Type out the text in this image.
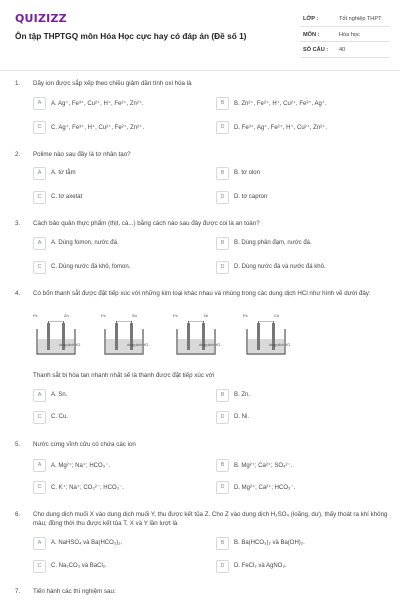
QUIZIZZ
Ôn tập THPTGQ môn Hóa Học cực hay có đáp án (Đề số 1)
LỚP :	Tốt nghiệp THPT
MÔN :	Hóa học
SỐ CÂU : 40
1. Dãy ion được sắp xếp theo chiều giảm dần tính oxi hóa là
A	A. Ag⁺, Fe³⁺, Cu²⁺, H⁺, Fe²⁺, Zn²⁺.	B	B. Zn²⁺, Fe²⁺, H⁺, Cu²⁺, Fe³⁺, Ag⁺.
C	C. Ag⁺, Fe³⁺, H⁺, Cu²⁺, Fe²⁺, Zn²⁺.	D	D. Fe³⁺, Ag⁺, Fe²⁺, H⁺, Cu²⁺, Zn²⁺.
2. Polime nào sau đây là tơ nhân tạo?
A	A. tơ tằm	B	B. tơ olon
C	C. tơ axetat	D	D. tơ capron
3. Cách bảo quản thực phẩm (thịt, cá...) bằng cách nào sau đây được coi là an toàn?
A	A. Dùng fomon, nước đá.	B	B. Dùng phân đạm, nước đá.
C	C. Dùng nước đá khô, fomon.	D	D. Dùng nước đá và nước đá khô.
4. Có bốn thanh sắt được đặt tiếp xúc với những kim loại khác nhau và nhúng trong các dung dịch HCl như hình vẽ dưới đây:
Fe	Zn
dung dịch HCl
Fe	Sn
dung dịch HCl
Fe	Ni
dung dịch HCl
Fe	Cu
dung dịch HCl
Thanh sắt bị hòa tan nhanh nhất sẽ là thanh được đặt tiếp xúc với
A	A. Sn.	B	B. Zn.
C	C. Cu.	D	D. Ni.
5. Nước cứng vĩnh cửu có chứa các ion
A	A. Mg²⁺; Na⁺; HCO₃⁻.	B	B. Mg²⁺; Ca²⁺; SO₄²⁻.
C	C. K⁺; Na⁺; CO₃²⁻; HCO₃⁻.	D	D. Mg²⁺; Ca²⁺; HCO₃⁻.
6. Cho dung dịch muối X vào dung dịch muối Y, thu được kết tủa Z. Cho Z vào dung dịch H₂SO₄ (loãng, dư), thấy thoát ra khí không màu; đồng thời thu được kết tủa T. X và Y lần lượt là
A	A. NaHSO₄ và Ba(HCO₃)₂.	B	B. Ba(HCO₃)₂ và Ba(OH)₂.
C	C. Na₂CO₃ và BaCl₂.	D	D. FeCl₂ và AgNO₃.
7. Tiến hành các thí nghiệm sau:
